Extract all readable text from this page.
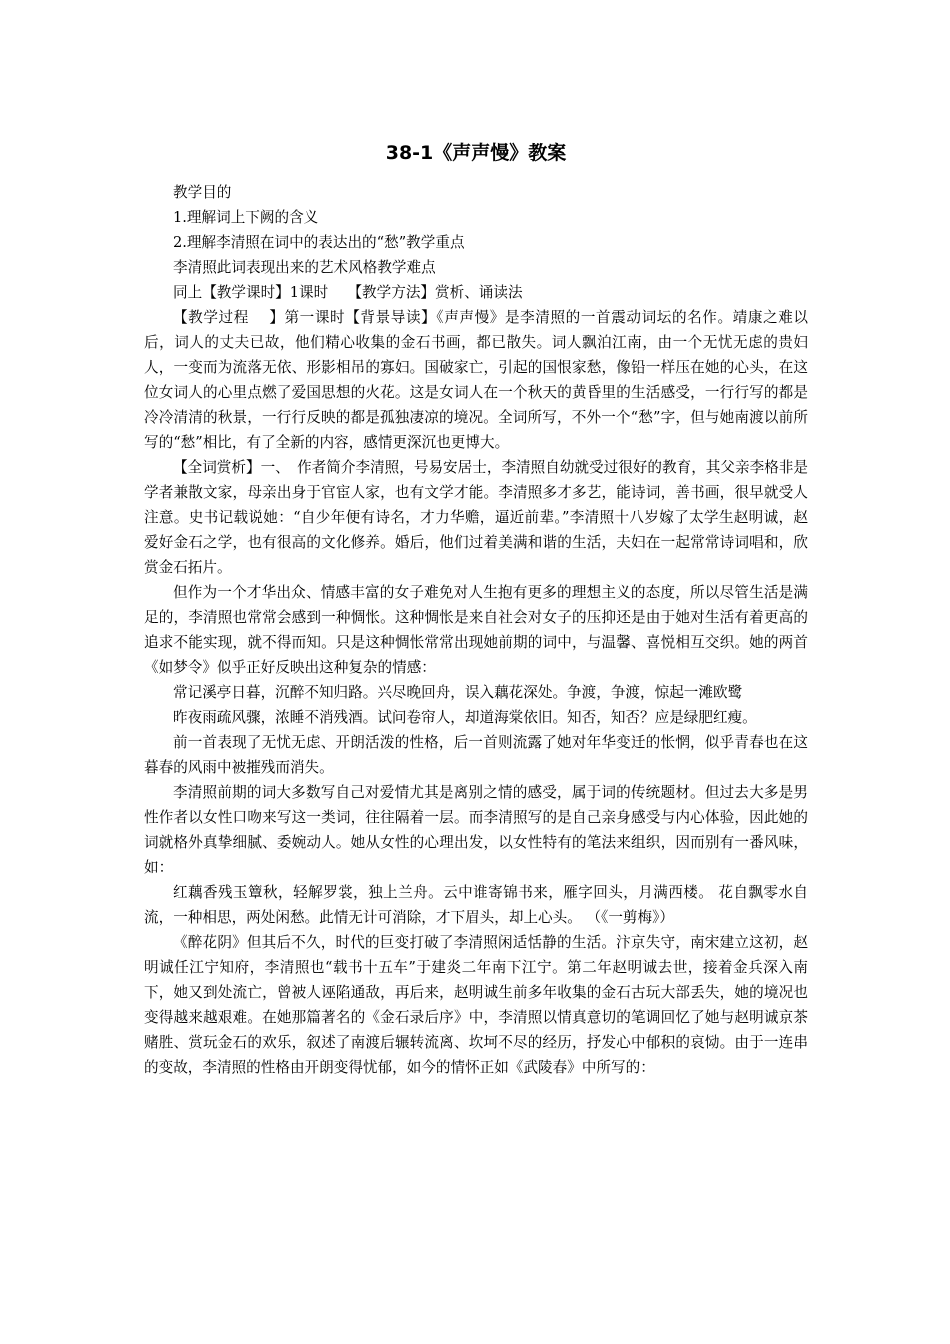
38-1《声声慢》教案

教学目的

1.理解词上下阙的含义

2.理解李清照在词中的表达出的“愁”教学重点

李清照此词表现出来的艺术风格教学难点

同上【教学课时】1课时　 【教学方法】赏析、诵读法

【教学过程　 】第一课时【背景导读】《声声慢》是李清照的一首震动词坛的名作。靖康之难以后，词人的丈夫已故，他们精心收集的金石书画，都已散失。词人飘泊江南，由一个无忧无虑的贵妇人，一变而为流落无依、形影相吊的寡妇。国破家亡，引起的国恨家愁，像铅一样压在她的心头，在这位女词人的心里点燃了爱国思想的火花。这是女词人在一个秋天的黄昏里的生活感受，一行行写的都是冷冷清清的秋景，一行行反映的都是孤独凄凉的境况。全词所写，不外一个“愁”字，但与她南渡以前所写的“愁”相比，有了全新的内容，感情更深沉也更博大。

【全词赏析】一、　作者简介李清照，号易安居士，李清照自幼就受过很好的教育，其父亲李格非是学者兼散文家，母亲出身于官宦人家，也有文学才能。李清照多才多艺，能诗词，善书画，很早就受人注意。史书记载说她：“自少年便有诗名，才力华赡，逼近前辈。”李清照十八岁嫁了太学生赵明诚，赵爱好金石之学，也有很高的文化修养。婚后，他们过着美满和谐的生活，夫妇在一起常常诗词唱和，欣赏金石拓片。

但作为一个才华出众、情感丰富的女子难免对人生抱有更多的理想主义的态度，所以尽管生活是满足的，李清照也常常会感到一种惆怅。这种惆怅是来自社会对女子的压抑还是由于她对生活有着更高的追求不能实现，就不得而知。只是这种惆怅常常出现她前期的词中，与温馨、喜悦相互交织。她的两首《如梦令》似乎正好反映出这种复杂的情感：

常记溪亭日暮，沉醉不知归路。兴尽晚回舟，误入藕花深处。争渡，争渡，惊起一滩欧鹭

昨夜雨疏风骤，浓睡不消残酒。试问卷帘人，却道海棠依旧。知否，知否？应是绿肥红瘦。

前一首表现了无忧无虑、开朗活泼的性格，后一首则流露了她对年华变迁的怅惘，似乎青春也在这暮春的风雨中被摧残而消失。

李清照前期的词大多数写自己对爱情尤其是离别之情的感受，属于词的传统题材。但过去大多是男性作者以女性口吻来写这一类词，往往隔着一层。而李清照写的是自己亲身感受与内心体验，因此她的词就格外真挚细腻、委婉动人。她从女性的心理出发，以女性特有的笔法来组织，因而别有一番风味，如：

红藕香残玉簟秋，轻解罗裳，独上兰舟。云中谁寄锦书来，雁字回头，月满西楼。 花自飘零水自流，一种相思，两处闲愁。此情无计可消除，才下眉头，却上心头。 （《一剪梅》）

《醉花阴》但其后不久，时代的巨变打破了李清照闲适恬静的生活。汴京失守，南宋建立这初，赵明诚任江宁知府，李清照也“载书十五车”于建炎二年南下江宁。第二年赵明诚去世，接着金兵深入南下，她又到处流亡，曾被人诬陷通敌，再后来，赵明诚生前多年收集的金石古玩大部丢失，她的境况也变得越来越艰难。在她那篇著名的《金石录后序》中，李清照以情真意切的笔调回忆了她与赵明诚京茶赌胜、赏玩金石的欢乐，叙述了南渡后辗转流离、坎坷不尽的经历，抒发心中郁积的哀恸。由于一连串的变故，李清照的性格由开朗变得忧郁，如今的情怀正如《武陵春》中所写的：
